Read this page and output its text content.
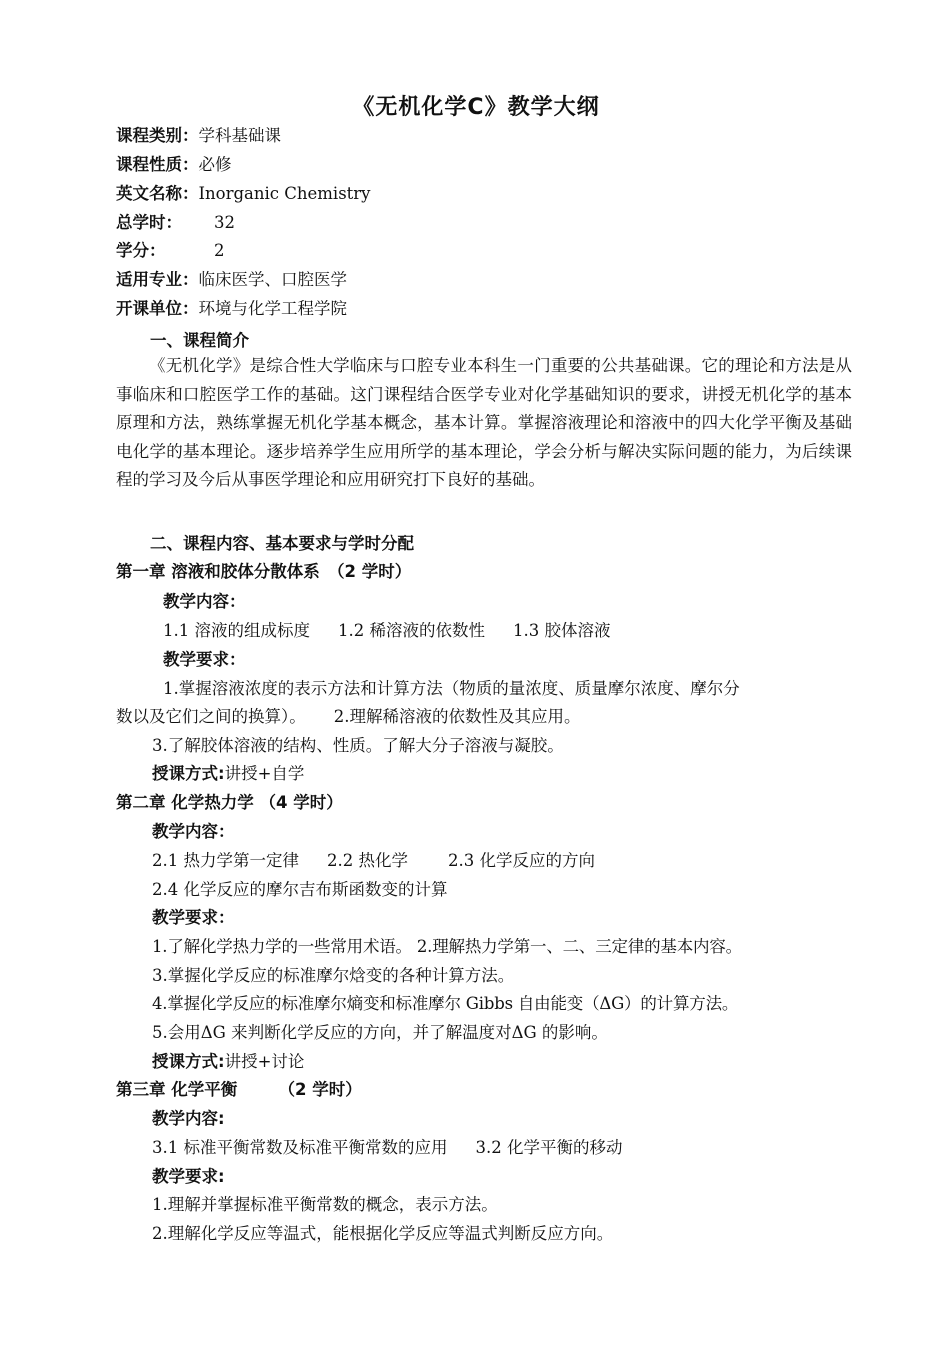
《无机化学C》教学大纲
课程类别：学科基础课
课程性质：必修
英文名称：Inorganic Chemistry
总学时： 32
学分：	2
适用专业：临床医学、口腔医学
开课单位：环境与化学工程学院
一、课程简介
《无机化学》是综合性大学临床与口腔专业本科生一门重要的公共基础课。它的理论和方法是从事临床和口腔医学工作的基础。这门课程结合医学专业对化学基础知识的要求，讲授无机化学的基本原理和方法，熟练掌握无机化学基本概念，基本计算。掌握溶液理论和溶液中的四大化学平衡及基础电化学的基本理论。逐步培养学生应用所学的基本理论，学会分析与解决实际问题的能力，为后续课程的学习及今后从事医学理论和应用研究打下良好的基础。
二、课程内容、基本要求与学时分配
第一章 溶液和胶体分散体系　（2 学时）
教学内容：
1.1 溶液的组成标度 1.2 稀溶液的依数性 1.3 胶体溶液
教学要求：
1.掌握溶液浓度的表示方法和计算方法（物质的量浓度、质量摩尔浓度、摩尔分
数以及它们之间的换算）。 2.理解稀溶液的依数性及其应用。
3.了解胶体溶液的结构、性质。了解大分子溶液与凝胶。
授课方式:讲授+自学
第二章 化学热力学 （4 学时）
教学内容：
2.1 热力学第一定律 2.2 热化学 2.3 化学反应的方向
2.4 化学反应的摩尔吉布斯函数变的计算
教学要求：
1.了解化学热力学的一些常用术语。 2.理解热力学第一、二、三定律的基本内容。
3.掌握化学反应的标准摩尔焓变的各种计算方法。
4.掌握化学反应的标准摩尔熵变和标准摩尔 Gibbs 自由能变（ΔG）的计算方法。
5.会用ΔG 来判断化学反应的方向，并了解温度对ΔG 的影响。
授课方式:讲授+讨论
第三章 化学平衡　　　（2 学时）
教学内容:
3.1 标准平衡常数及标准平衡常数的应用 3.2 化学平衡的移动
教学要求:
1.理解并掌握标准平衡常数的概念，表示方法。
2.理解化学反应等温式，能根据化学反应等温式判断反应方向。
